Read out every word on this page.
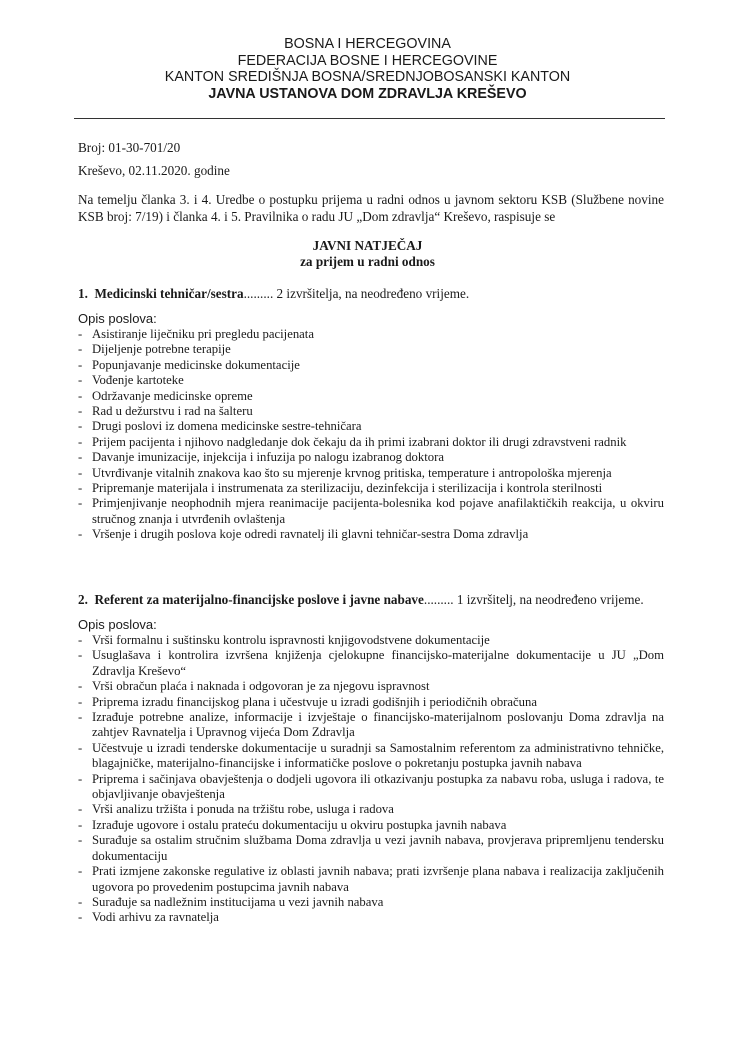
BOSNA I HERCEGOVINA
FEDERACIJA BOSNE I HERCEGOVINE
KANTON SREDIŠNJA BOSNA/SREDNJOBOSANSKI KANTON
JAVNA USTANOVA DOM ZDRAVLJA KREŠEVO
Broj: 01-30-701/20
Kreševo, 02.11.2020. godine
Na temelju članka 3. i 4. Uredbe o postupku prijema u radni odnos u javnom sektoru KSB (Službene novine KSB broj: 7/19) i članka 4. i 5. Pravilnika o radu JU „Dom zdravlja“ Kreševo, raspisuje se
JAVNI NATJEČAJ
za prijem u radni odnos
1. Medicinski tehničar/sestra......... 2 izvršitelja, na neodređeno vrijeme.
Opis poslova:
- Asistiranje liječniku pri pregledu pacijenata
- Dijeljenje potrebne terapije
- Popunjavanje medicinske dokumentacije
- Vođenje kartoteke
- Održavanje medicinske opreme
- Rad u dežurstvu i rad na šalteru
- Drugi poslovi iz domena medicinske sestre-tehničara
- Prijem pacijenta i njihovo nadgledanje dok čekaju da ih primi izabrani doktor ili drugi zdravstveni radnik
- Davanje imunizacije, injekcija i infuzija po nalogu izabranog doktora
- Utvrđivanje vitalnih znakova kao što su mjerenje krvnog pritiska, temperature i antropološka mjerenja
- Pripremanje materijala i instrumenata za sterilizaciju, dezinfekcija i sterilizacija i kontrola sterilnosti
- Primjenjivanje neophodnih mjera reanimacije pacijenta-bolesnika kod pojave anafilaktičkih reakcija, u okviru stručnog znanja i utvrđenih ovlaštenja
- Vršenje i drugih poslova koje odredi ravnatelj ili glavni tehničar-sestra Doma zdravlja
2. Referent za materijalno-financijske poslove i javne nabave......... 1 izvršitelj, na neodređeno vrijeme.
Opis poslova:
- Vrši formalnu i suštinsku kontrolu ispravnosti knjigovodstvene dokumentacije
- Usuglašava i kontrolira izvršena knjiženja cjelokupne financijsko-materijalne dokumentacije u JU „Dom Zdravlja Kreševo“
- Vrši obračun plaća i naknada i odgovoran je za njegovu ispravnost
- Priprema izradu financijskog plana i učestvuje u izradi godišnjih i periodičnih obračuna
- Izrađuje potrebne analize, informacije i izvještaje o financijsko-materijalnom poslovanju Doma zdravlja na zahtjev Ravnatelja i Upravnog vijeća Dom Zdravlja
- Učestvuje u izradi tenderske dokumentacije u suradnji sa Samostalnim referentom za administrativno tehničke, blagajničke, materijalno-financijske i informatičke poslove o pokretanju postupka javnih nabava
- Priprema i sačinjava obavještenja o dodjeli ugovora ili otkazivanju postupka za nabavu roba, usluga i radova, te objavljivanje obavještenja
- Vrši analizu tržišta i ponuda na tržištu robe, usluga i radova
- Izrađuje ugovore i ostalu prateću dokumentaciju u okviru postupka javnih nabava
- Surađuje sa ostalim stručnim službama Doma zdravlja u vezi javnih nabava, provjerava pripremljenu tendersku dokumentaciju
- Prati izmjene zakonske regulative iz oblasti javnih nabava; prati izvršenje plana nabava i realizacija zaključenih ugovora po provedenim postupcima javnih nabava
- Surađuje sa nadležnim institucijama u vezi javnih nabava
- Vodi arhivu za ravnatelja
